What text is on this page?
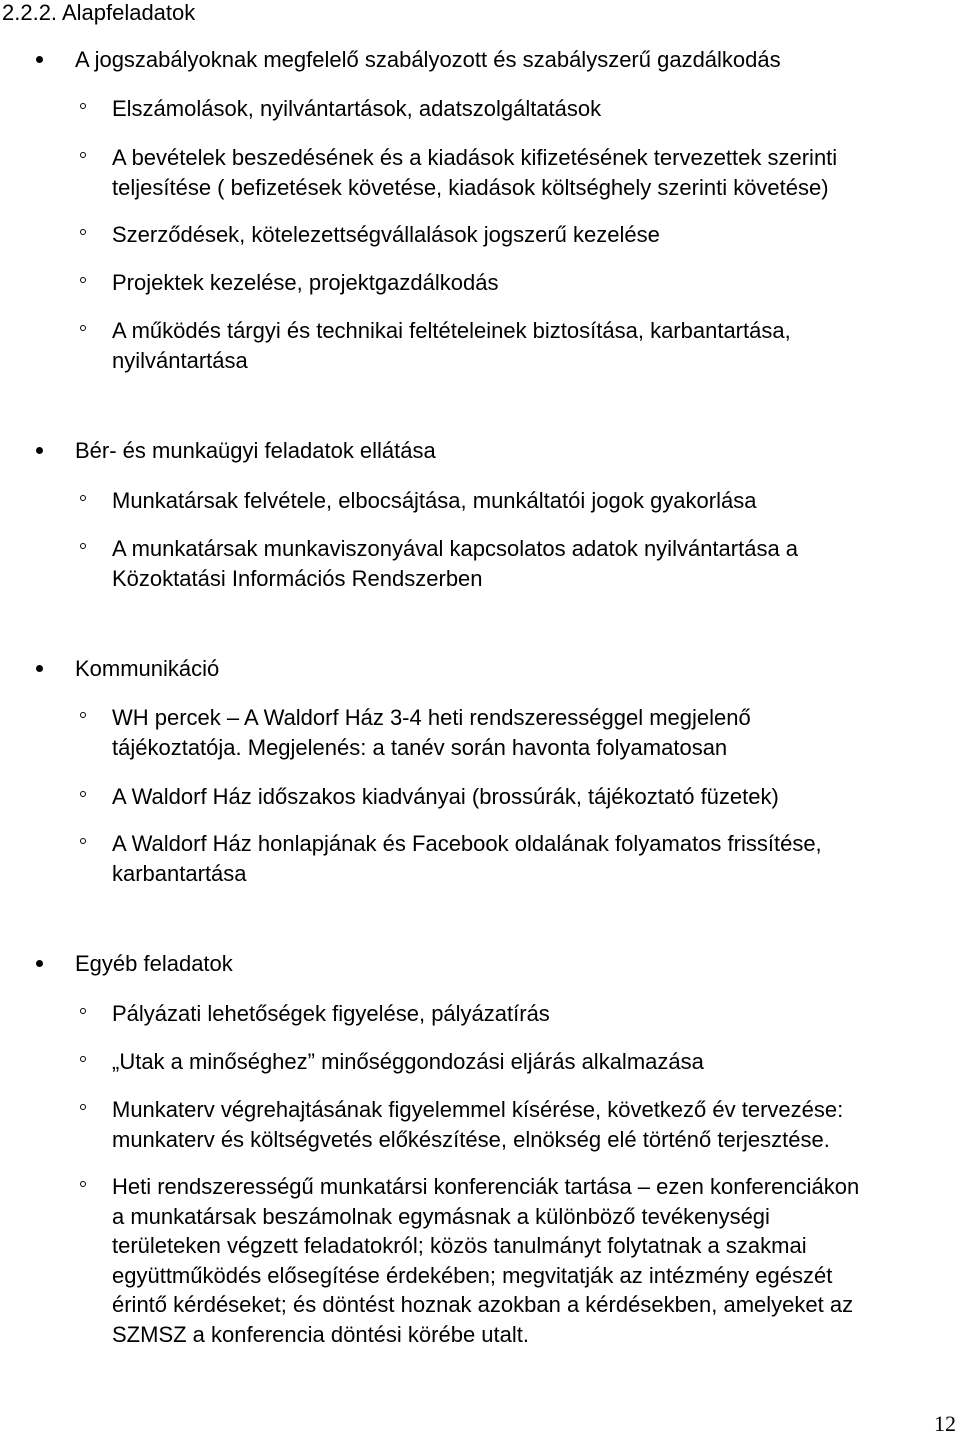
2.2.2. Alapfeladatok
A jogszabályoknak megfelelő szabályozott és szabályszerű gazdálkodás
Elszámolások, nyilvántartások, adatszolgáltatások
A bevételek beszedésének és a kiadások kifizetésének tervezettek szerinti
teljesítése ( befizetések követése, kiadások költséghely szerinti követése)
Szerződések, kötelezettségvállalások jogszerű kezelése
Projektek kezelése, projektgazdálkodás
A működés tárgyi és technikai feltételeinek biztosítása, karbantartása,
nyilvántartása
Bér- és munkaügyi feladatok ellátása
Munkatársak felvétele, elbocsájtása, munkáltatói jogok gyakorlása
A munkatársak munkaviszonyával kapcsolatos adatok nyilvántartása a
Közoktatási Információs Rendszerben
Kommunikáció
WH percek – A Waldorf Ház 3-4 heti rendszerességgel megjelenő
tájékoztatója. Megjelenés: a tanév során havonta folyamatosan
A Waldorf Ház időszakos kiadványai (brossúrák, tájékoztató füzetek)
A Waldorf Ház honlapjának és Facebook oldalának folyamatos frissítése,
karbantartása
Egyéb feladatok
Pályázati lehetőségek figyelése, pályázatírás
„Utak a minőséghez” minőséggondozási eljárás alkalmazása
Munkaterv végrehajtásának figyelemmel kísérése, következő év tervezése:
munkaterv és költségvetés előkészítése, elnökség elé történő terjesztése.
Heti rendszerességű munkatársi konferenciák tartása – ezen konferenciákon
a munkatársak beszámolnak egymásnak a különböző tevékenységi
területeken végzett feladatokról; közös tanulmányt folytatnak a szakmai
együttműködés elősegítése érdekében; megvitatják az intézmény egészét
érintő kérdéseket; és döntést hoznak azokban a kérdésekben, amelyeket az
SZMSZ a konferencia döntési körébe utalt.
12
